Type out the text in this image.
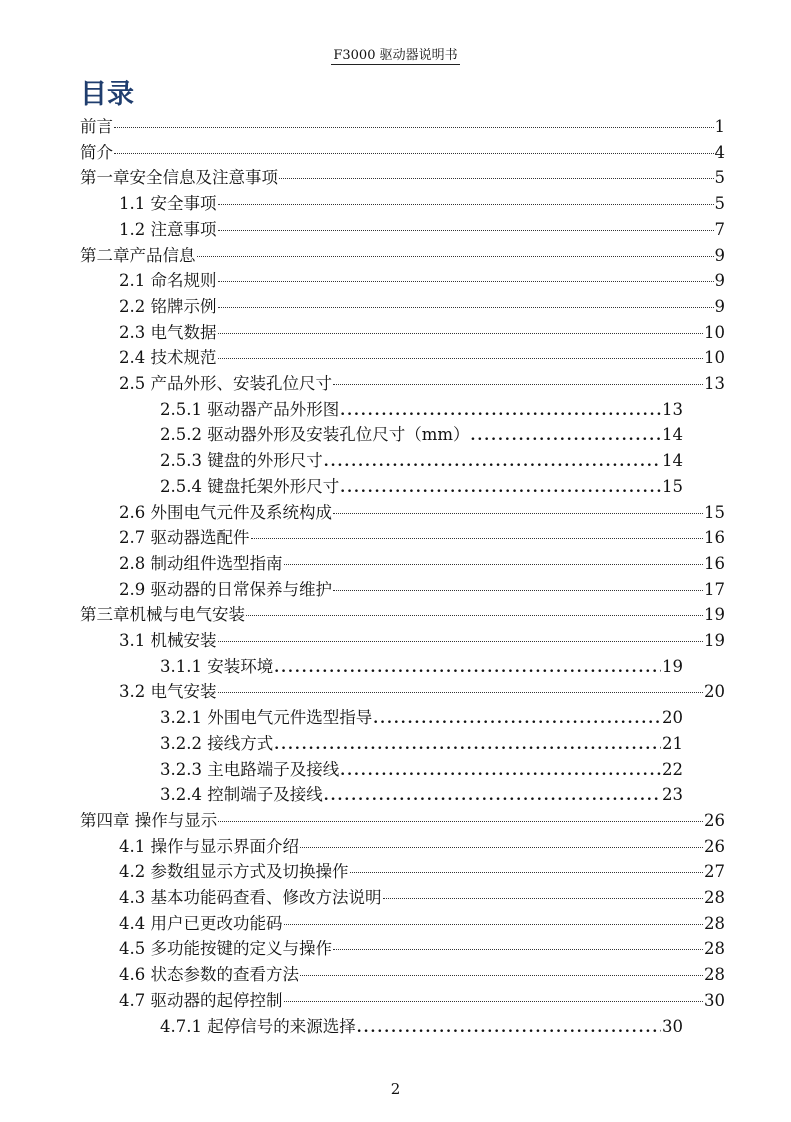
F3000 驱动器说明书
目录
前言	1
简介	4
第一章安全信息及注意事项	5
1.1 安全事项	5
1.2 注意事项	7
第二章产品信息	9
2.1 命名规则	9
2.2 铭牌示例	9
2.3 电气数据	10
2.4 技术规范	10
2.5 产品外形、安装孔位尺寸	13
2.5.1 驱动器产品外形图 .....	13
2.5.2 驱动器外形及安装孔位尺寸（mm） .....	14
2.5.3 键盘的外形尺寸 .....	14
2.5.4 键盘托架外形尺寸 .....	15
2.6 外围电气元件及系统构成	15
2.7 驱动器选配件	16
2.8 制动组件选型指南	16
2.9 驱动器的日常保养与维护	17
第三章机械与电气安装	19
3.1 机械安装	19
3.1.1 安装环境 .....	19
3.2 电气安装	20
3.2.1 外围电气元件选型指导 .....	20
3.2.2 接线方式 .....	21
3.2.3 主电路端子及接线 .....	22
3.2.4 控制端子及接线 .....	23
第四章 操作与显示	26
4.1 操作与显示界面介绍	26
4.2 参数组显示方式及切换操作	27
4.3 基本功能码查看、修改方法说明	28
4.4 用户已更改功能码	28
4.5 多功能按键的定义与操作	28
4.6 状态参数的查看方法	28
4.7 驱动器的起停控制	30
4.7.1 起停信号的来源选择 .....	30
2
